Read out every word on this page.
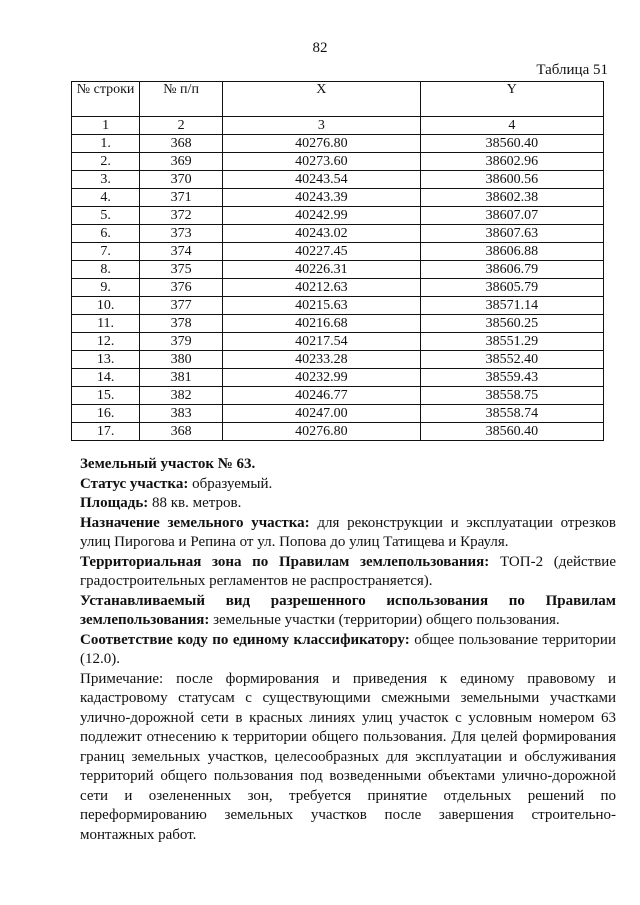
82
Таблица 51
№ строки	№ п/п	X	Y
1	2	3	4
1.	368	40276.80	38560.40
2.	369	40273.60	38602.96
3.	370	40243.54	38600.56
4.	371	40243.39	38602.38
5.	372	40242.99	38607.07
6.	373	40243.02	38607.63
7.	374	40227.45	38606.88
8.	375	40226.31	38606.79
9.	376	40212.63	38605.79
10.	377	40215.63	38571.14
11.	378	40216.68	38560.25
12.	379	40217.54	38551.29
13.	380	40233.28	38552.40
14.	381	40232.99	38559.43
15.	382	40246.77	38558.75
16.	383	40247.00	38558.74
17.	368	40276.80	38560.40

Земельный участок № 63.

Статус участка: образуемый.

Площадь: 88 кв. метров.

Назначение земельного участка: для реконструкции и эксплуатации отрезков улиц Пирогова и Репина от ул. Попова до улиц Татищева и Крауля.

Территориальная зона по Правилам землепользования: ТОП-2 (действие градостроительных регламентов не распространяется).

Устанавливаемый вид разрешенного использования по Правилам землепользования: земельные участки (территории) общего пользования.

Соответствие коду по единому классификатору: общее пользование территории (12.0).

Примечание: после формирования и приведения к единому правовому и кадастровому статусам с существующими смежными земельными участками улично-дорожной сети в красных линиях улиц участок с условным номером 63 подлежит отнесению к территории общего пользования. Для целей формирования границ земельных участков, целесообразных для эксплуатации и обслуживания территорий общего пользования под возведенными объектами улично-дорожной сети и озелененных зон, требуется принятие отдельных решений по переформированию земельных участков после завершения строительно-монтажных работ.
